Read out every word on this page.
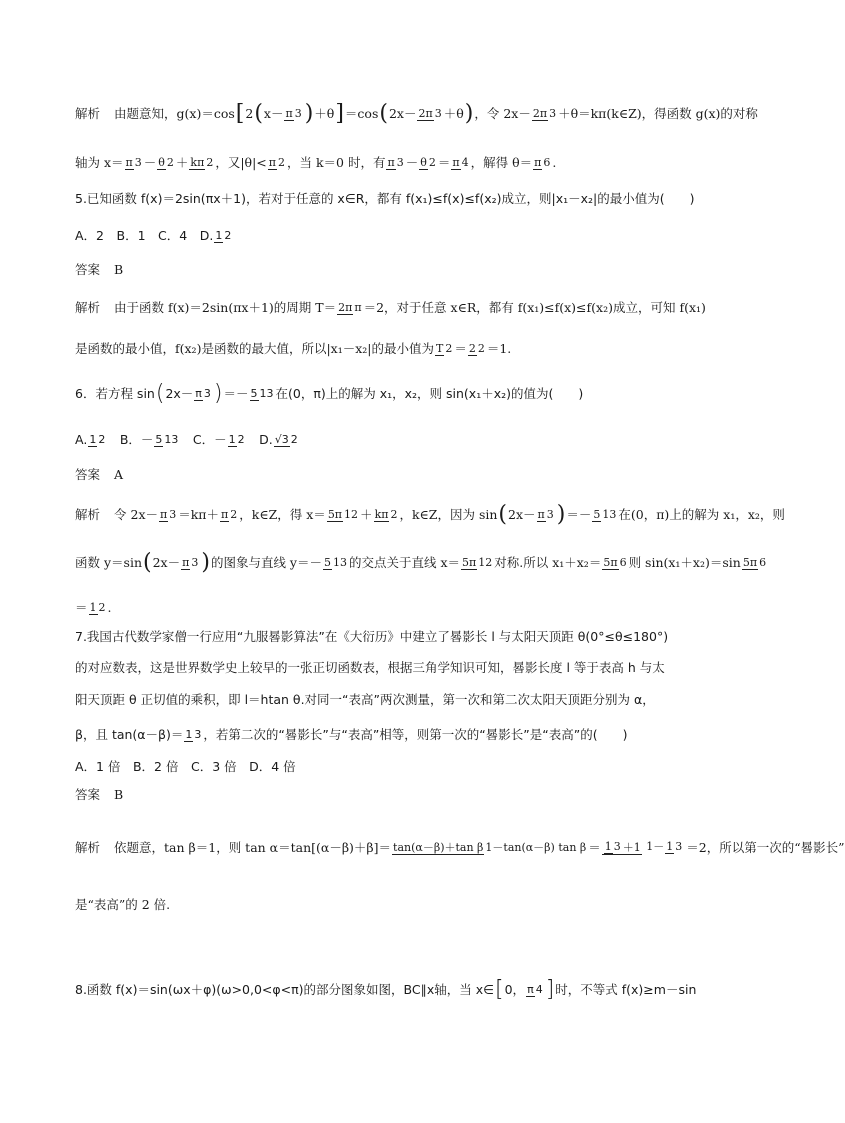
解析 由题意知，g(x)＝cos [ 2 ( x－ π 3 ) ＋θ ] ＝cos ( 2x－ 2π 3 ＋θ ) ，令 2x－ 2π 3 ＋θ＝kπ(k∈Z)，得函数 g(x)的对称
轴为 x＝ π 3 － θ 2 ＋ kπ 2 ，又|θ|< π 2 ，当 k＝0 时，有 π 3 － θ 2 ＝ π 4 ，解得 θ＝ π 6 .
5.已知函数 f(x)＝2sin(πx＋1)，若对于任意的 x∈R，都有 f(x₁)≤f(x)≤f(x₂)成立，则|x₁－x₂|的最小值为(　　)
A．2　B．1　C．4　D. 1 2
答案 B
解析 由于函数 f(x)＝2sin(πx＋1)的周期 T＝ 2π π ＝2，对于任意 x∈R，都有 f(x₁)≤f(x)≤f(x₂)成立，可知 f(x₁)
是函数的最小值，f(x₂)是函数的最大值，所以|x₁－x₂|的最小值为 T 2 ＝ 2 2 ＝1.
6．若方程 sin ( 2x－ π 3 ) ＝－ 5 13 在(0，π)上的解为 x₁，x₂，则 sin(x₁＋x₂)的值为(　　)
A. 1 2 　B．－ 5 13 　C．－ 1 2 　D. √3 2
答案 A
解析 令 2x－ π 3 ＝kπ＋ π 2 ，k∈Z，得 x＝ 5π 12 ＋ kπ 2 ，k∈Z，因为 sin ( 2x－ π 3 ) ＝－ 5 13 在(0，π)上的解为 x₁，x₂，则
函数 y＝sin ( 2x－ π 3 ) 的图象与直线 y＝－ 5 13 的交点关于直线 x＝ 5π 12 对称.所以 x₁＋x₂＝ 5π 6 则 sin(x₁＋x₂)＝sin 5π 6
＝ 1 2 .
7.我国古代数学家僧一行应用“九服晷影算法”在《大衍历》中建立了晷影长 l 与太阳天顶距 θ(0°≤θ≤180°)
的对应数表，这是世界数学史上较早的一张正切函数表，根据三角学知识可知，晷影长度 l 等于表高 h 与太
阳天顶距 θ 正切值的乘积，即 l＝htan θ.对同一“表高”两次测量，第一次和第二次太阳天顶距分别为 α，
β，且 tan(α－β)＝ 1 3 ，若第二次的“晷影长”与“表高”相等，则第一次的“晷影长”是“表高”的(　　)
A．1 倍　B．2 倍　C．3 倍　D．4 倍
答案 B
解析 依题意，tan β＝1，则 tan α＝tan[(α－β)＋β]＝ tan(α－β)＋tan β 1－tan(α－β) tan β ＝ 1 3 ＋1
1－ 1 3 ＝2，所以第一次的“晷影长”
是“表高”的 2 倍.
8.函数 f(x)＝sin(ωx＋φ)(ω>0,0<φ<π)的部分图象如图，BC∥x轴，当 x∈ [ 0， π 4 ] 时，不等式 f(x)≥m－sin
